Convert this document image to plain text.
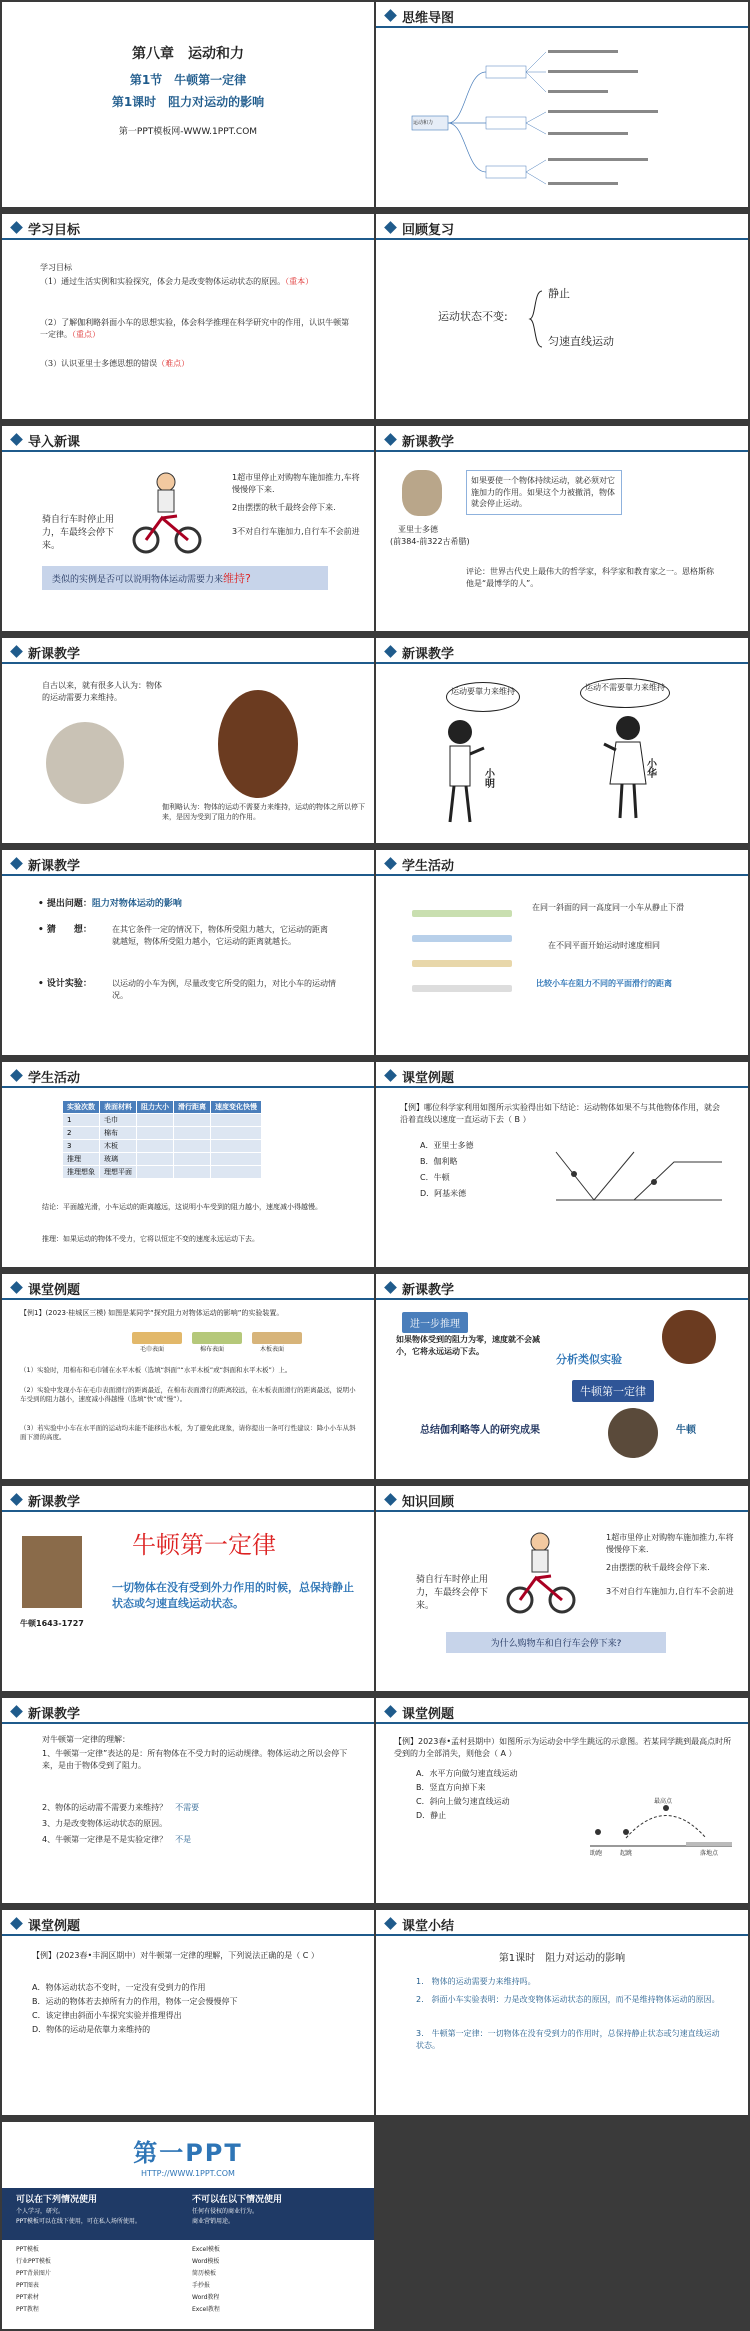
第八章　运动和力
第1节　牛顿第一定律
第1课时　阻力对运动的影响
第一PPT模板网-WWW.1PPT.COM
思维导图
运动和力
学习目标
学习目标
（1）通过生活实例和实验探究，体会力是改变物体运动状态的原因。（重本）
（2）了解伽利略斜面小车的思想实验，体会科学推理在科学研究中的作用，认识牛顿第一定律。（重点）
（3）认识亚里士多德思想的错误（难点）
回顾复习
运动状态不变:
静止
匀速直线运动
导入新课
骑自行车时停止用力，车最终会停下来。
1超市里停止对购物车施加推力,车将慢慢停下来.
2由摆摆的秋千最终会停下来.
3不对自行车施加力,自行车不会前进
类似的实例是否可以说明物体运动需要力来维持?
新课教学
亚里士多德
(前384-前322古希腊)
如果要使一个物体持续运动，就必须对它施加力的作用。如果这个力被撤消，物体就会停止运动。
评论：世界古代史上最伟大的哲学家，科学家和教育家之一。恩格斯称他是“最博学的人”。
新课教学
自古以来，就有很多人认为：物体的运动需要力来维持。
伽利略认为：物体的运动不需要力来维持，运动的物体之所以停下来，是因为受到了阻力的作用。
新课教学
运动要靠力来维持	运动不需要靠力来维持
小明	小华
新课教学
• 提出问题：阻力对物体运动的影响
• 猜　　想：	在其它条件一定的情况下，物体所受阻力越大，它运动的距离就越短，物体所受阻力越小，它运动的距离就越长。
• 设计实验：	以运动的小车为例，尽量改变它所受的阻力，对比小车的运动情况。
学生活动
在同一斜面的同一高度同一小车从静止下滑
在不同平面开始运动时速度相同
比较小车在阻力不同的平面滑行的距离
学生活动
实验次数	表面材料	阻力大小	滑行距离	速度变化快慢
1	毛巾			
2	棉布			
3	木板			
推理	玻璃			
推理想象	理想平面			
结论：平面越光滑，小车运动的距离越远，这说明小车受到的阻力越小，速度减小得越慢。
推理：如果运动的物体不受力，它将以恒定不变的速度永远运动下去。
课堂例题
【例】哪位科学家利用如图所示实验得出如下结论：运动物体如果不与其他物体作用，就会沿着直线以速度一直运动下去（ B ）
A．亚里士多德
B．伽利略
C．牛顿
D．阿基米德
课堂例题
【例1】(2023·桂城区三模) 如图是某同学“探究阻力对物体运动的影响”的实验装置。
毛巾表面	棉布表面	木板表面
（1）实验时，用棉布和毛巾铺在水平木板（选填“斜面”“水平木板”或“斜面和水平木板”）上。
（2）实验中发现小车在毛巾表面滑行的距离最近，在棉布表面滑行的距离较远，在木板表面滑行的距离最远，说明小车受到的阻力越小，速度减小得越慢（选填“快”或“慢”）。
（3）若实验中小车在水平面的运动均未能不能移出木板，为了避免此现象，请你提出一条可行性建议：降小小车从斜面下滑的高度。
新课教学
进一步推理
如果物体受到的阻力为零，速度就不会减小，它将永远运动下去。
分析类似实验
牛顿第一定律
总结伽利略等人的研究成果	牛顿
新课教学
牛顿1643-1727
牛顿第一定律
一切物体在没有受到外力作用的时候，总保持静止状态或匀速直线运动状态。
知识回顾
骑自行车时停止用力，车最终会停下来。
1超市里停止对购物车施加推力,车将慢慢停下来.
2由摆摆的秋千最终会停下来.
3不对自行车施加力,自行车不会前进
为什么购物车和自行车会停下来?
新课教学
对牛顿第一定律的理解：
1、牛顿第一定律”表达的是：所有物体在不受力时的运动规律。物体运动之所以会停下来，是由于物体受到了阻力。
2、物体的运动需不需要力来维持？　 不需要
3、力是改变物体运动状态的原因。
4、牛顿第一定律是不是实验定律？　 不是
课堂例题
【例】2023春•孟村县期中）如图所示为运动会中学生跳远的示意图。若某同学跳到最高点时所受到的力全部消失，则他会（ A ）
A．水平方向做匀速直线运动
B．竖直方向掉下来
C．斜向上做匀速直线运动
D．静止
助跑	起跳
最高点
落地点
课堂例题
【例】(2023春•丰润区期中）对牛顿第一定律的理解，下列说法正确的是（ C ）
A．物体运动状态不变时，一定没有受到力的作用
B．运动的物体若去掉所有力的作用，物体一定会慢慢停下
C．该定律由斜面小车探究实验并推理得出
D．物体的运动是依靠力来维持的
课堂小结
第1课时　阻力对运动的影响
1.　物体的运动需要力来维持吗。
2.　斜面小车实验表明：力是改变物体运动状态的原因，而不是维持物体运动的原因。
3.　牛顿第一定律：一切物体在没有受到力的作用时，总保持静止状态或匀速直线运动状态。
第一PPT
HTTP://WWW.1PPT.COM
可以在下列情况使用
个人学习，研究。
PPT模板可以在线下使用，可在私人场所使用。
不可以在以下情况使用
任何有侵权的商业行为。
商业营销用途。
PPT模板
行业PPT模板
PPT背景图片
PPT图表
PPT素材
PPT教程
Excel模板
Word模板
简历模板
手抄报
Word教程
Excel教程
